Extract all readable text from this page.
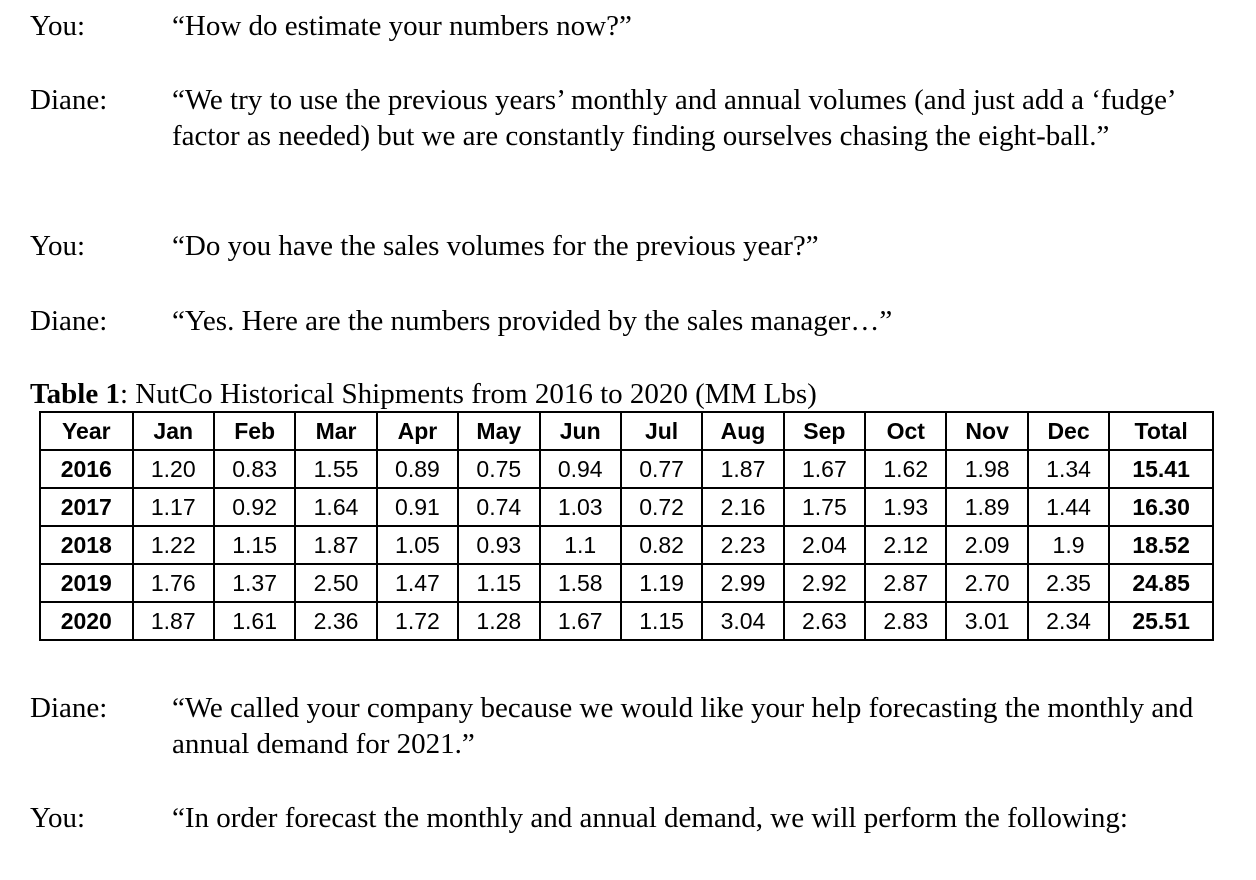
You:	“How do estimate your numbers now?”
Diane: “We try to use the previous years’ monthly and annual volumes (and just add a ‘fudge’ factor as needed) but we are constantly finding ourselves chasing the eight-ball.”
You:	“Do you have the sales volumes for the previous year?”
Diane: “Yes. Here are the numbers provided by the sales manager…”
Table 1: NutCo Historical Shipments from 2016 to 2020 (MM Lbs)
Year	Jan	Feb	Mar	Apr	May	Jun	Jul	Aug	Sep	Oct	Nov	Dec	Total
2016	1.20	0.83	1.55	0.89	0.75	0.94	0.77	1.87	1.67	1.62	1.98	1.34	15.41
2017	1.17	0.92	1.64	0.91	0.74	1.03	0.72	2.16	1.75	1.93	1.89	1.44	16.30
2018	1.22	1.15	1.87	1.05	0.93	1.1	0.82	2.23	2.04	2.12	2.09	1.9	18.52
2019	1.76	1.37	2.50	1.47	1.15	1.58	1.19	2.99	2.92	2.87	2.70	2.35	24.85
2020	1.87	1.61	2.36	1.72	1.28	1.67	1.15	3.04	2.63	2.83	3.01	2.34	25.51
Diane: “We called your company because we would like your help forecasting the monthly and annual demand for 2021.”
You:	“In order forecast the monthly and annual demand, we will perform the following:
